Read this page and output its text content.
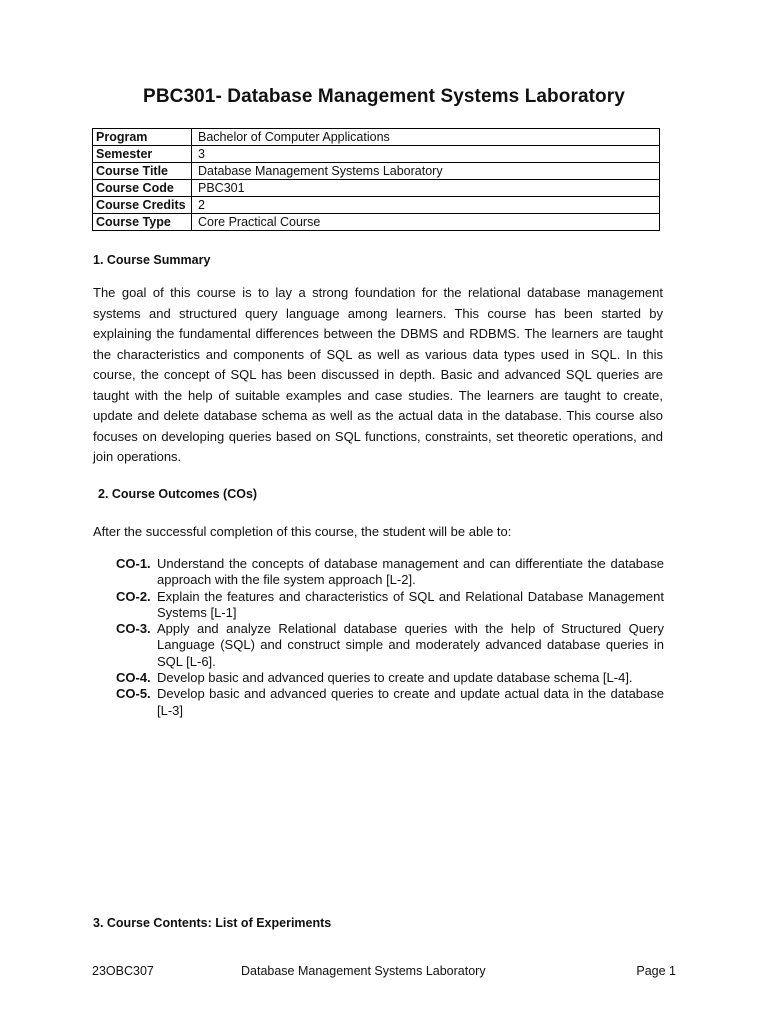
PBC301- Database Management Systems Laboratory
Program	Bachelor of Computer Applications
Semester	3
Course Title	Database Management Systems Laboratory
Course Code	PBC301
Course Credits	2
Course Type	Core Practical Course
1. Course Summary
The goal of this course is to lay a strong foundation for the relational database management systems and structured query language among learners. This course has been started by explaining the fundamental differences between the DBMS and RDBMS. The learners are taught the characteristics and components of SQL as well as various data types used in SQL. In this course, the concept of SQL has been discussed in depth. Basic and advanced SQL queries are taught with the help of suitable examples and case studies. The learners are taught to create, update and delete database schema as well as the actual data in the database. This course also focuses on developing queries based on SQL functions, constraints, set theoretic operations, and join operations.
2. Course Outcomes (COs)
After the successful completion of this course, the student will be able to:
CO-1. Understand the concepts of database management and can differentiate the database approach with the file system approach [L-2].
CO-2. Explain the features and characteristics of SQL and Relational Database Management Systems [L-1]
CO-3. Apply and analyze Relational database queries with the help of Structured Query Language (SQL) and construct simple and moderately advanced database queries in SQL [L-6].
CO-4. Develop basic and advanced queries to create and update database schema [L-4].
CO-5. Develop basic and advanced queries to create and update actual data in the database [L-3]
3. Course Contents: List of Experiments
23OBC307	Database Management Systems Laboratory	Page 1
